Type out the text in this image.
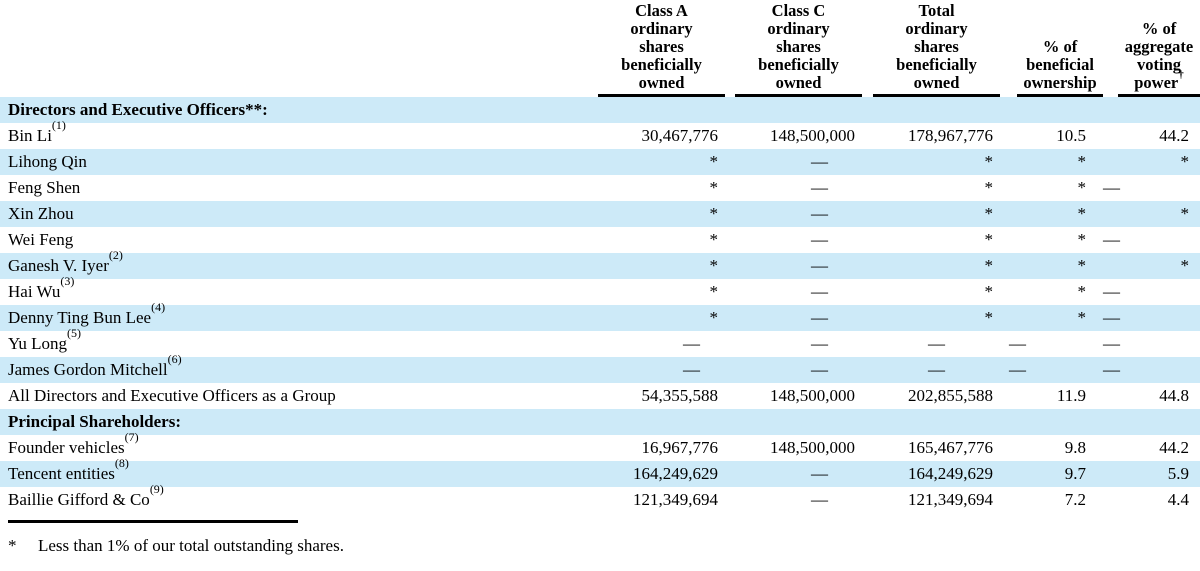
Class A
ordinary
shares
beneficially
owned

Class C
ordinary
shares
beneficially
owned

Total
ordinary
shares
beneficially
owned

% of
beneficial
ownership

% of
aggregate
voting
power†

Directors and Executive Officers**:					
Bin Li$^{(1)}$	30,467,776	148,500,000	178,967,776	10.5	44.2
Lihong Qin	*	—	*	*	*
Feng Shen	*	—	*	*	—
Xin Zhou	*	—	*	*	*
Wei Feng	*	—	*	*	—
Ganesh V. Iyer$^{(2)}$	*	—	*	*	*
Hai Wu$^{(3)}$	*	—	*	*	—
Denny Ting Bun Lee$^{(4)}$	*	—	*	*	—
Yu Long$^{(5)}$	—	—	—	—	—
James Gordon Mitchell$^{(6)}$	—	—	—	—	—
All Directors and Executive Officers as a Group	54,355,588	148,500,000	202,855,588	11.9	44.8
Principal Shareholders:					
Founder vehicles$^{(7)}$	16,967,776	148,500,000	165,467,776	9.8	44.2
Tencent entities$^{(8)}$	164,249,629	—	164,249,629	9.7	5.9
Baillie Gifford & Co$^{(9)}$	121,349,694	—	121,349,694	7.2	4.4
*	Less than 1% of our total outstanding shares.
